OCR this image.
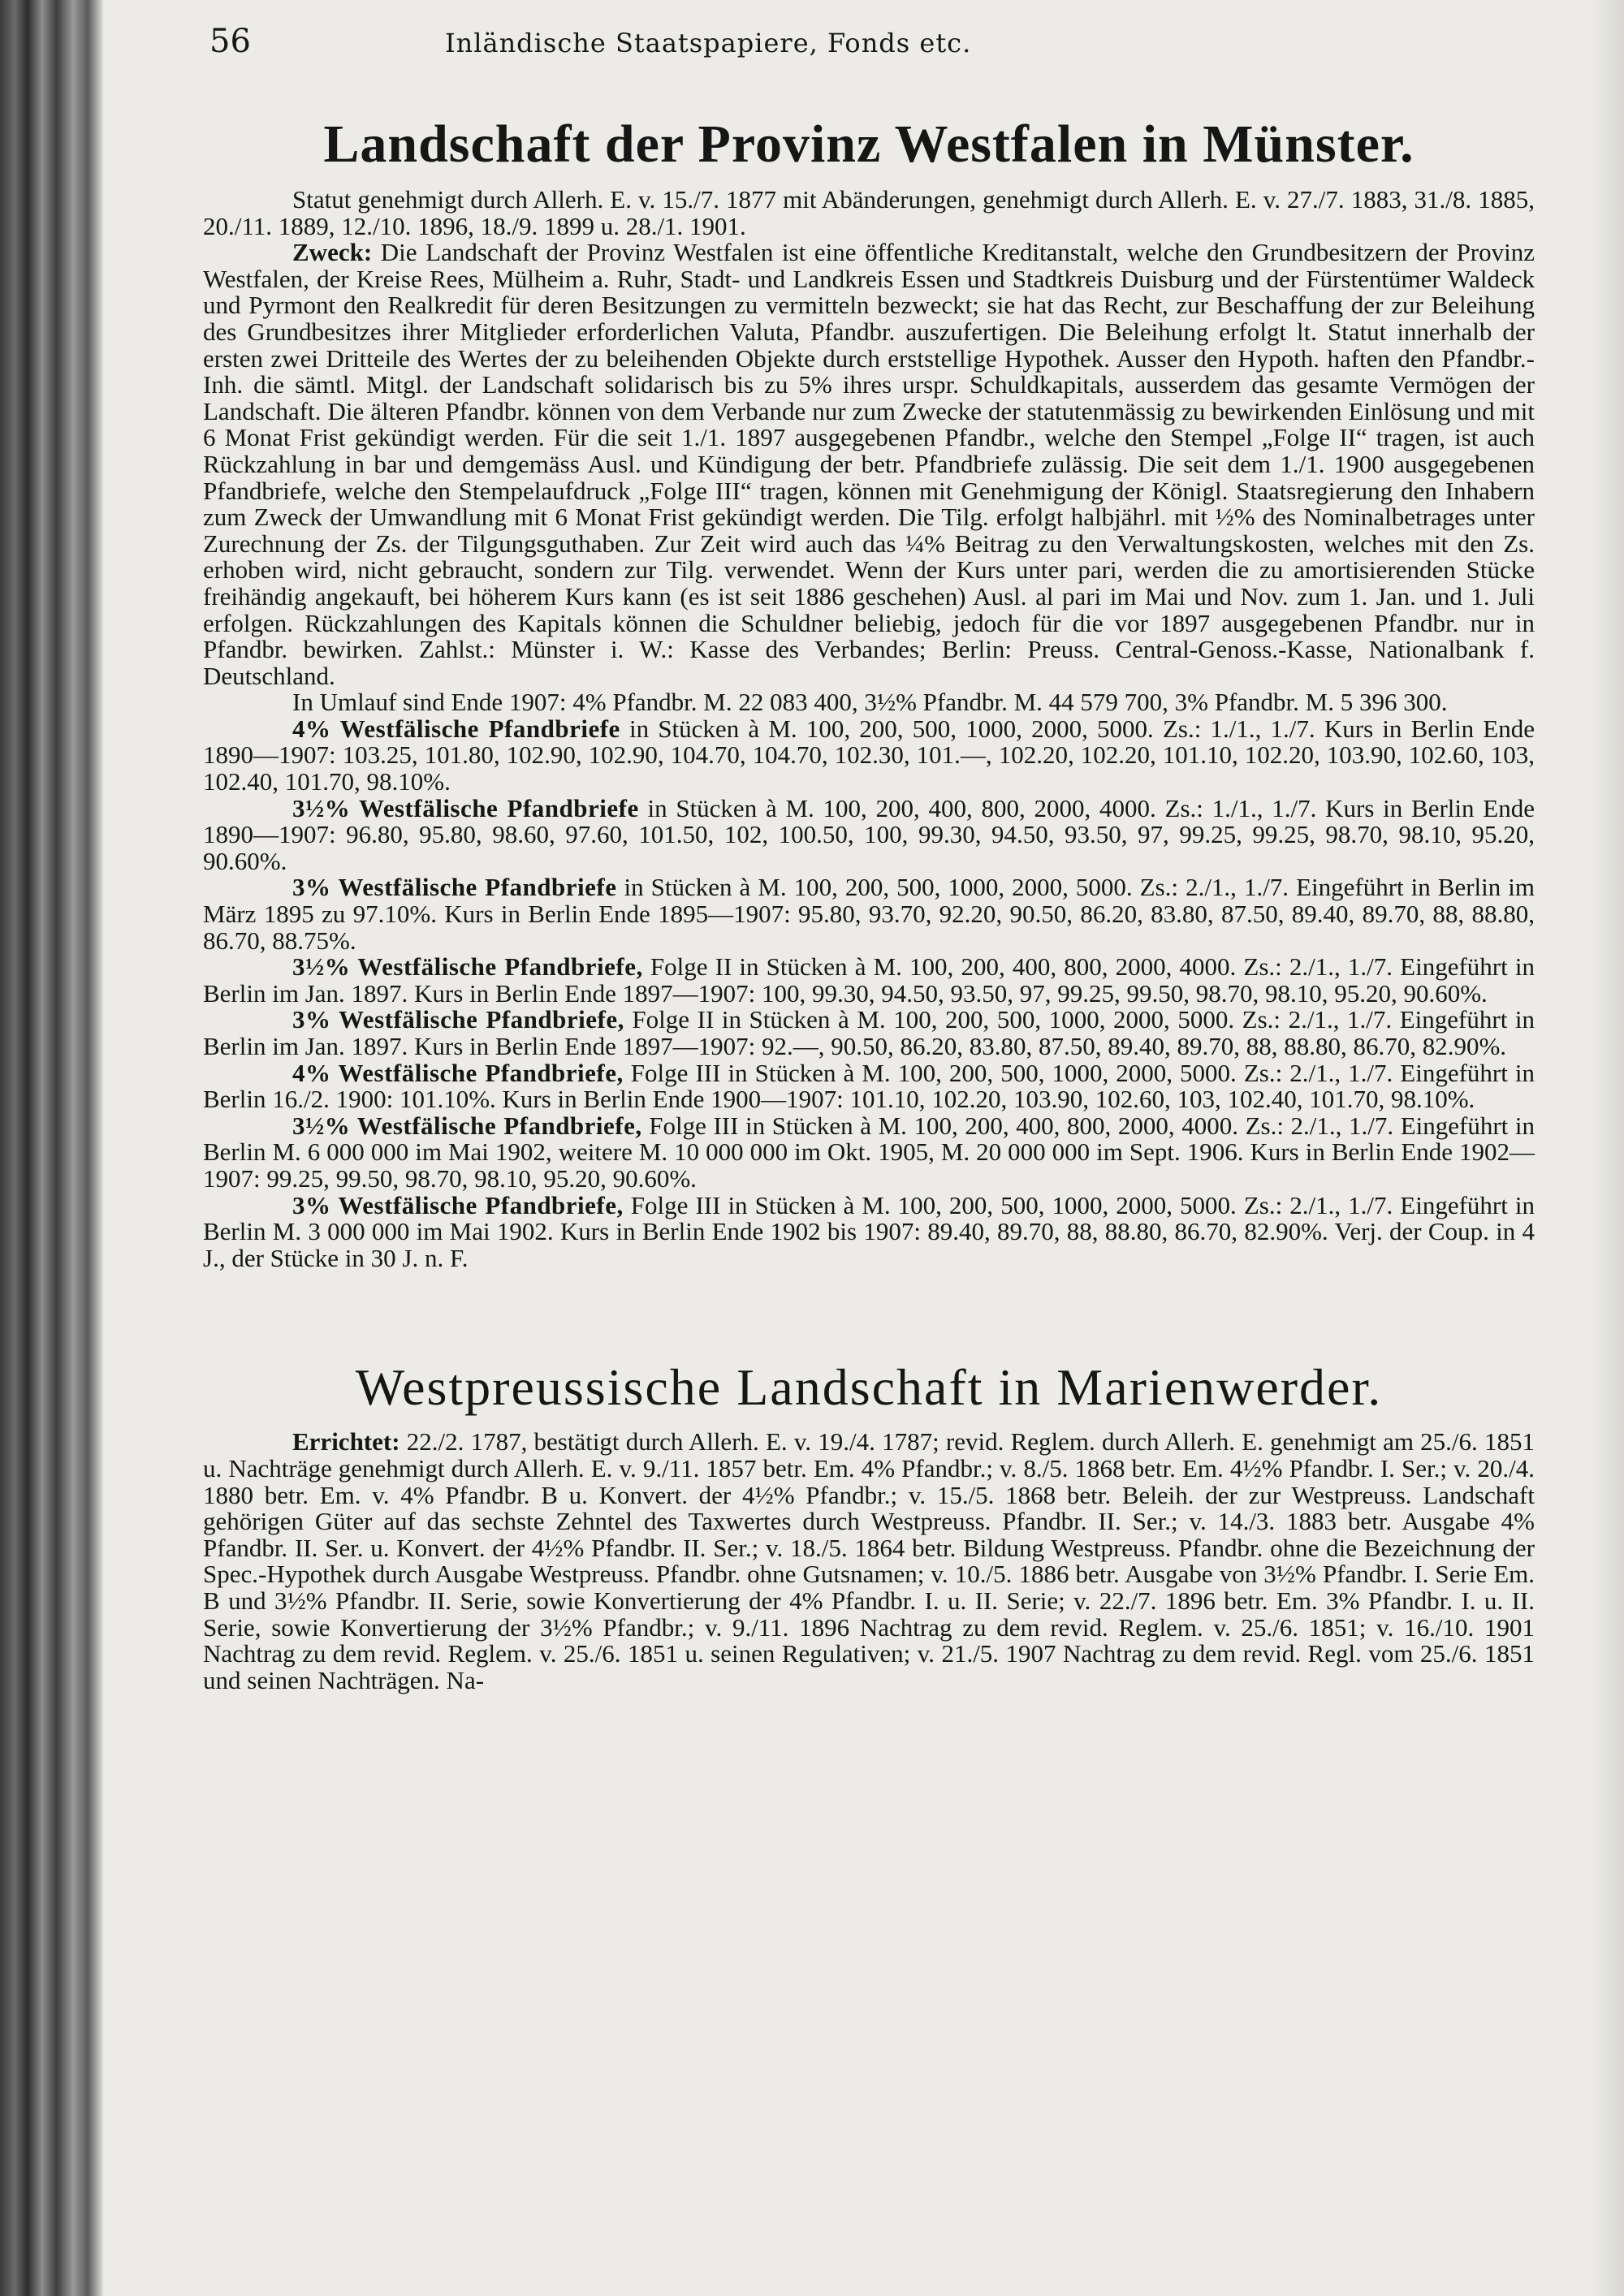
56	Inländische Staatspapiere, Fonds etc.
Landschaft der Provinz Westfalen in Münster.

Statut genehmigt durch Allerh. E. v. 15./7. 1877 mit Abänderungen, genehmigt durch Allerh. E. v. 27./7. 1883, 31./8. 1885, 20./11. 1889, 12./10. 1896, 18./9. 1899 u. 28./1. 1901.

Zweck: Die Landschaft der Provinz Westfalen ist eine öffentliche Kreditanstalt, welche den Grundbesitzern der Provinz Westfalen, der Kreise Rees, Mülheim a. Ruhr, Stadt- und Landkreis Essen und Stadtkreis Duisburg und der Fürstentümer Waldeck und Pyrmont den Realkredit für deren Besitzungen zu vermitteln bezweckt; sie hat das Recht, zur Beschaffung der zur Beleihung des Grundbesitzes ihrer Mitglieder erforderlichen Valuta, Pfandbr. auszufertigen. Die Beleihung erfolgt lt. Statut innerhalb der ersten zwei Dritteile des Wertes der zu beleihenden Objekte durch erststellige Hypothek. Ausser den Hypoth. haften den Pfandbr.-Inh. die sämtl. Mitgl. der Landschaft solidarisch bis zu 5% ihres urspr. Schuldkapitals, ausserdem das gesamte Vermögen der Landschaft. Die älteren Pfandbr. können von dem Verbande nur zum Zwecke der statutenmässig zu bewirkenden Einlösung und mit 6 Monat Frist gekündigt werden. Für die seit 1./1. 1897 ausgegebenen Pfandbr., welche den Stempel „Folge II“ tragen, ist auch Rückzahlung in bar und demgemäss Ausl. und Kündigung der betr. Pfandbriefe zulässig. Die seit dem 1./1. 1900 ausgegebenen Pfandbriefe, welche den Stempelaufdruck „Folge III“ tragen, können mit Genehmigung der Königl. Staatsregierung den Inhabern zum Zweck der Umwandlung mit 6 Monat Frist gekündigt werden. Die Tilg. erfolgt halbjährl. mit ½% des Nominalbetrages unter Zurechnung der Zs. der Tilgungsguthaben. Zur Zeit wird auch das ¼% Beitrag zu den Verwaltungskosten, welches mit den Zs. erhoben wird, nicht gebraucht, sondern zur Tilg. verwendet. Wenn der Kurs unter pari, werden die zu amortisierenden Stücke freihändig angekauft, bei höherem Kurs kann (es ist seit 1886 geschehen) Ausl. al pari im Mai und Nov. zum 1. Jan. und 1. Juli erfolgen. Rückzahlungen des Kapitals können die Schuldner beliebig, jedoch für die vor 1897 ausgegebenen Pfandbr. nur in Pfandbr. bewirken. Zahlst.: Münster i. W.: Kasse des Verbandes; Berlin: Preuss. Central-Genoss.-Kasse, Nationalbank f. Deutschland.

In Umlauf sind Ende 1907: 4% Pfandbr. M. 22 083 400, 3½% Pfandbr. M. 44 579 700, 3% Pfandbr. M. 5 396 300.

4% Westfälische Pfandbriefe in Stücken à M. 100, 200, 500, 1000, 2000, 5000. Zs.: 1./1., 1./7. Kurs in Berlin Ende 1890—1907: 103.25, 101.80, 102.90, 102.90, 104.70, 104.70, 102.30, 101.—, 102.20, 102.20, 101.10, 102.20, 103.90, 102.60, 103, 102.40, 101.70, 98.10%.

3½% Westfälische Pfandbriefe in Stücken à M. 100, 200, 400, 800, 2000, 4000. Zs.: 1./1., 1./7. Kurs in Berlin Ende 1890—1907: 96.80, 95.80, 98.60, 97.60, 101.50, 102, 100.50, 100, 99.30, 94.50, 93.50, 97, 99.25, 99.25, 98.70, 98.10, 95.20, 90.60%.

3% Westfälische Pfandbriefe in Stücken à M. 100, 200, 500, 1000, 2000, 5000. Zs.: 2./1., 1./7. Eingeführt in Berlin im März 1895 zu 97.10%. Kurs in Berlin Ende 1895—1907: 95.80, 93.70, 92.20, 90.50, 86.20, 83.80, 87.50, 89.40, 89.70, 88, 88.80, 86.70, 88.75%.

3½% Westfälische Pfandbriefe, Folge II in Stücken à M. 100, 200, 400, 800, 2000, 4000. Zs.: 2./1., 1./7. Eingeführt in Berlin im Jan. 1897. Kurs in Berlin Ende 1897—1907: 100, 99.30, 94.50, 93.50, 97, 99.25, 99.50, 98.70, 98.10, 95.20, 90.60%.

3% Westfälische Pfandbriefe, Folge II in Stücken à M. 100, 200, 500, 1000, 2000, 5000. Zs.: 2./1., 1./7. Eingeführt in Berlin im Jan. 1897. Kurs in Berlin Ende 1897—1907: 92.—, 90.50, 86.20, 83.80, 87.50, 89.40, 89.70, 88, 88.80, 86.70, 82.90%.

4% Westfälische Pfandbriefe, Folge III in Stücken à M. 100, 200, 500, 1000, 2000, 5000. Zs.: 2./1., 1./7. Eingeführt in Berlin 16./2. 1900: 101.10%. Kurs in Berlin Ende 1900—1907: 101.10, 102.20, 103.90, 102.60, 103, 102.40, 101.70, 98.10%.

3½% Westfälische Pfandbriefe, Folge III in Stücken à M. 100, 200, 400, 800, 2000, 4000. Zs.: 2./1., 1./7. Eingeführt in Berlin M. 6 000 000 im Mai 1902, weitere M. 10 000 000 im Okt. 1905, M. 20 000 000 im Sept. 1906. Kurs in Berlin Ende 1902—1907: 99.25, 99.50, 98.70, 98.10, 95.20, 90.60%.

3% Westfälische Pfandbriefe, Folge III in Stücken à M. 100, 200, 500, 1000, 2000, 5000. Zs.: 2./1., 1./7. Eingeführt in Berlin M. 3 000 000 im Mai 1902. Kurs in Berlin Ende 1902 bis 1907: 89.40, 89.70, 88, 88.80, 86.70, 82.90%. Verj. der Coup. in 4 J., der Stücke in 30 J. n. F.

Westpreussische Landschaft in Marienwerder.

Errichtet: 22./2. 1787, bestätigt durch Allerh. E. v. 19./4. 1787; revid. Reglem. durch Allerh. E. genehmigt am 25./6. 1851 u. Nachträge genehmigt durch Allerh. E. v. 9./11. 1857 betr. Em. 4% Pfandbr.; v. 8./5. 1868 betr. Em. 4½% Pfandbr. I. Ser.; v. 20./4. 1880 betr. Em. v. 4% Pfandbr. B u. Konvert. der 4½% Pfandbr.; v. 15./5. 1868 betr. Beleih. der zur Westpreuss. Landschaft gehörigen Güter auf das sechste Zehntel des Taxwertes durch Westpreuss. Pfandbr. II. Ser.; v. 14./3. 1883 betr. Ausgabe 4% Pfandbr. II. Ser. u. Konvert. der 4½% Pfandbr. II. Ser.; v. 18./5. 1864 betr. Bildung Westpreuss. Pfandbr. ohne die Bezeichnung der Spec.-Hypothek durch Ausgabe Westpreuss. Pfandbr. ohne Gutsnamen; v. 10./5. 1886 betr. Ausgabe von 3½% Pfandbr. I. Serie Em. B und 3½% Pfandbr. II. Serie, sowie Konvertierung der 4% Pfandbr. I. u. II. Serie; v. 22./7. 1896 betr. Em. 3% Pfandbr. I. u. II. Serie, sowie Konvertierung der 3½% Pfandbr.; v. 9./11. 1896 Nachtrag zu dem revid. Reglem. v. 25./6. 1851; v. 16./10. 1901 Nachtrag zu dem revid. Reglem. v. 25./6. 1851 u. seinen Regulativen; v. 21./5. 1907 Nachtrag zu dem revid. Regl. vom 25./6. 1851 und seinen Nachträgen. Na-
